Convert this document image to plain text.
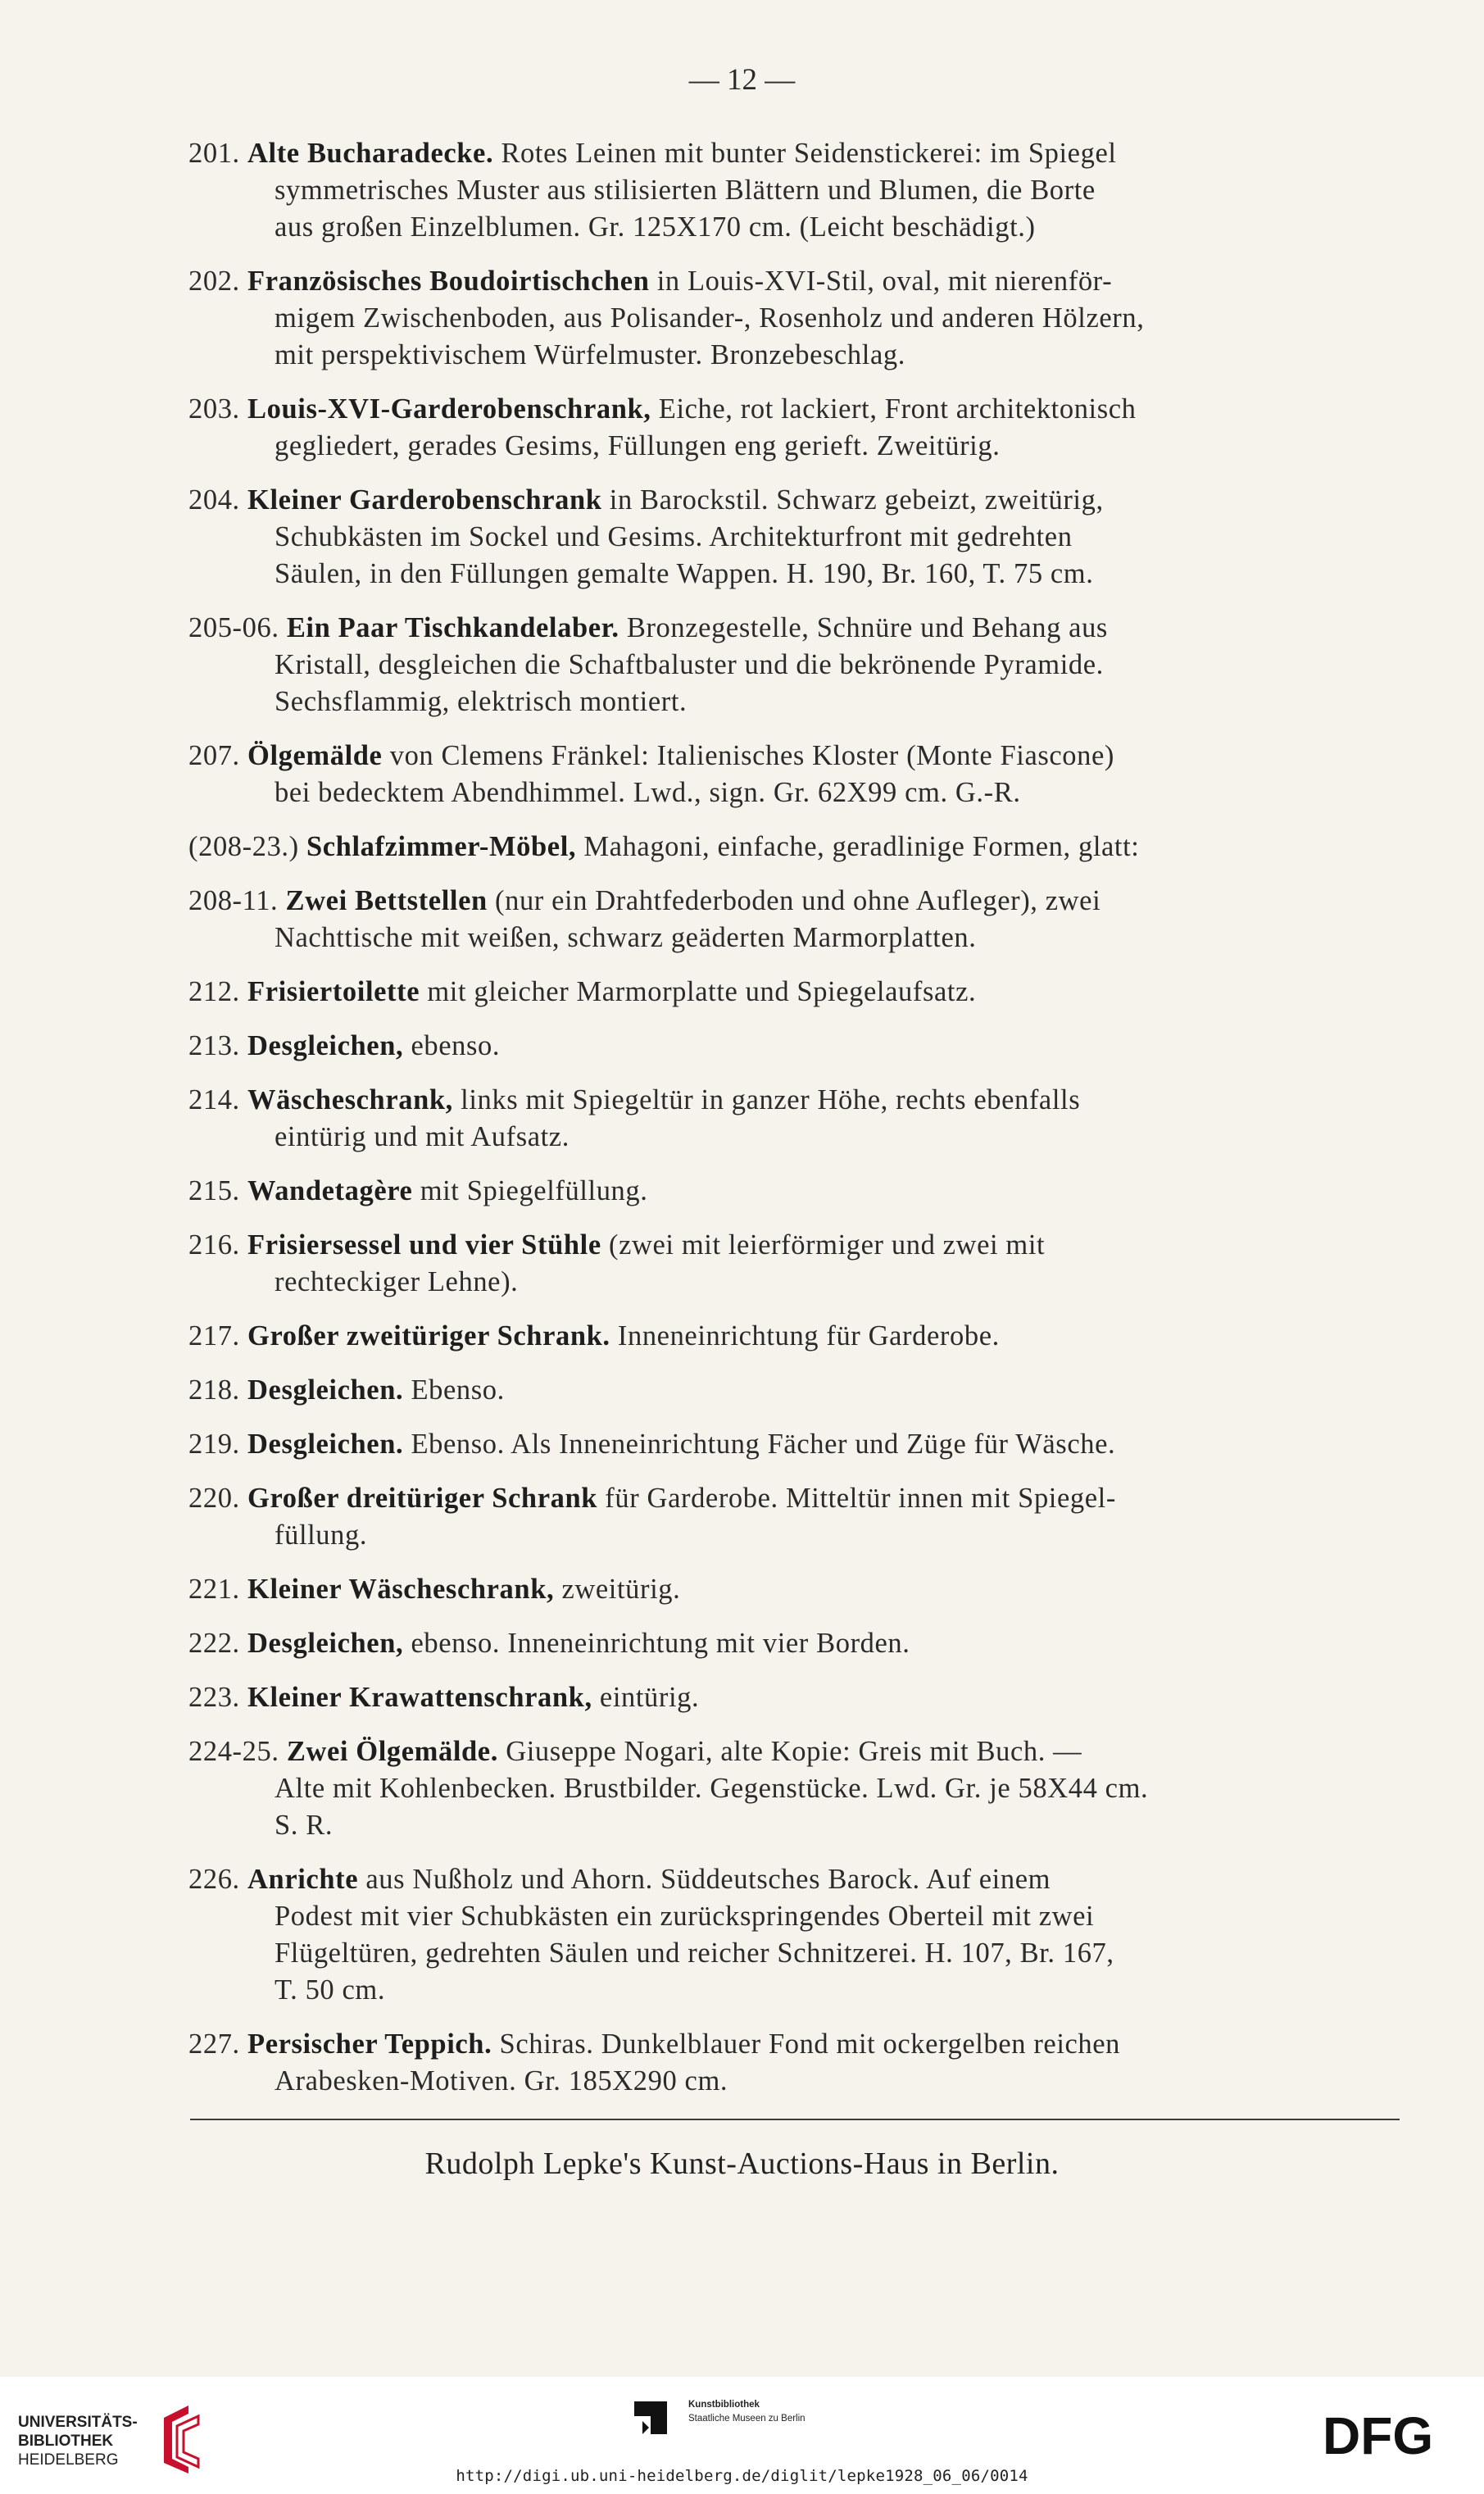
— 12 —
201. Alte Bucharadecke. Rotes Leinen mit bunter Seidenstickerei: im Spiegel
symmetrisches Muster aus stilisierten Blättern und Blumen, die Borte
aus großen Einzelblumen. Gr. 125X170 cm. (Leicht beschädigt.)
202. Französisches Boudoirtischchen in Louis-XVI-Stil, oval, mit nierenför-
migem Zwischenboden, aus Polisander-, Rosenholz und anderen Hölzern,
mit perspektivischem Würfelmuster. Bronzebeschlag.
203. Louis-XVI-Garderobenschrank, Eiche, rot lackiert, Front architektonisch
gegliedert, gerades Gesims, Füllungen eng gerieft. Zweitürig.
204. Kleiner Garderobenschrank in Barockstil. Schwarz gebeizt, zweitürig,
Schubkästen im Sockel und Gesims. Architekturfront mit gedrehten
Säulen, in den Füllungen gemalte Wappen. H. 190, Br. 160, T. 75 cm.
205-06. Ein Paar Tischkandelaber. Bronzegestelle, Schnüre und Behang aus
Kristall, desgleichen die Schaftbaluster und die bekrönende Pyramide.
Sechsflammig, elektrisch montiert.
207. Ölgemälde von Clemens Fränkel: Italienisches Kloster (Monte Fiascone)
bei bedecktem Abendhimmel. Lwd., sign. Gr. 62X99 cm. G.-R.
(208-23.) Schlafzimmer-Möbel, Mahagoni, einfache, geradlinige Formen, glatt:
208-11. Zwei Bettstellen (nur ein Drahtfederboden und ohne Aufleger), zwei
Nachttische mit weißen, schwarz geäderten Marmorplatten.
212. Frisiertoilette mit gleicher Marmorplatte und Spiegelaufsatz.
213. Desgleichen, ebenso.
214. Wäscheschrank, links mit Spiegeltür in ganzer Höhe, rechts ebenfalls
eintürig und mit Aufsatz.
215. Wandetagère mit Spiegelfüllung.
216. Frisiersessel und vier Stühle (zwei mit leierförmiger und zwei mit
rechteckiger Lehne).
217. Großer zweitüriger Schrank. Inneneinrichtung für Garderobe.
218. Desgleichen. Ebenso.
219. Desgleichen. Ebenso. Als Inneneinrichtung Fächer und Züge für Wäsche.
220. Großer dreitüriger Schrank für Garderobe. Mitteltür innen mit Spiegel-
füllung.
221. Kleiner Wäscheschrank, zweitürig.
222. Desgleichen, ebenso. Inneneinrichtung mit vier Borden.
223. Kleiner Krawattenschrank, eintürig.
224-25. Zwei Ölgemälde. Giuseppe Nogari, alte Kopie: Greis mit Buch. —
Alte mit Kohlenbecken. Brustbilder. Gegenstücke. Lwd. Gr. je 58X44 cm.
S. R.
226. Anrichte aus Nußholz und Ahorn. Süddeutsches Barock. Auf einem
Podest mit vier Schubkästen ein zurückspringendes Oberteil mit zwei
Flügeltüren, gedrehten Säulen und reicher Schnitzerei. H. 107, Br. 167,
T. 50 cm.
227. Persischer Teppich. Schiras. Dunkelblauer Fond mit ockergelben reichen
Arabesken-Motiven. Gr. 185X290 cm.
Rudolph Lepke's Kunst-Auctions-Haus in Berlin.
UNIVERSITÄTS-
BIBLIOTHEK
HEIDELBERG
Kunstbibliothek
Staatliche Museen zu Berlin	DFG
http://digi.ub.uni-heidelberg.de/diglit/lepke1928_06_06/0014
